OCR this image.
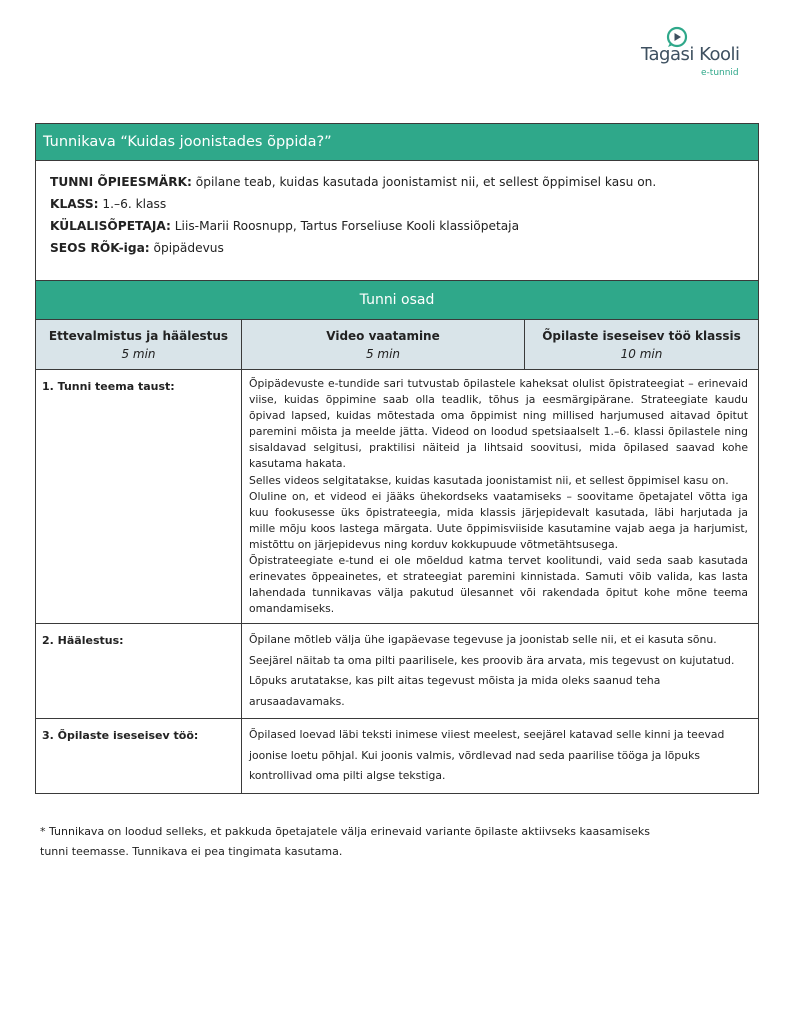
Tagasi Kooli
e-tunnid
Tunnikava “Kuidas joonistades õppida?”
TUNNI ÕPIEESMÄRK: õpilane teab, kuidas kasutada joonistamist nii, et sellest õppimisel kasu on.
KLASS: 1.–6. klass
KÜLALISÕPETAJA: Liis-Marii Roosnupp, Tartus Forseliuse Kooli klassiõpetaja
SEOS RÕK-iga: õpipädevus
Tunni osad
Ettevalmistus ja häälestus
5 min
Video vaatamine
5 min
Õpilaste iseseisev töö klassis
10 min
1. Tunni teema taust:	Õpipädevuste e-tundide sari tutvustab õpilastele kaheksat olulist õpistrateegiat – erinevaid viise, kuidas õppimine saab olla teadlik, tõhus ja eesmärgipärane. Strateegiate kaudu õpivad lapsed, kuidas mõtestada oma õppimist ning millised harjumused aitavad õpitut paremini mõista ja meelde jätta. Videod on loodud spetsiaalselt 1.–6. klassi õpilastele ning sisaldavad selgitusi, praktilisi näiteid ja lihtsaid soovitusi, mida õpilased saavad kohe kasutama hakata.

Selles videos selgitatakse, kuidas kasutada joonistamist nii, et sellest õppimisel kasu on.

Oluline on, et videod ei jääks ühekordseks vaatamiseks – soovitame õpetajatel võtta iga kuu fookusesse üks õpistrateegia, mida klassis järjepidevalt kasutada, läbi harjutada ja mille mõju koos lastega märgata. Uute õppimisviiside kasutamine vajab aega ja harjumist, mistõttu on järjepidevus ning korduv kokkupuude võtmetähtsusega.

Õpistrateegiate e-tund ei ole mõeldud katma tervet koolitundi, vaid seda saab kasutada erinevates õppeainetes, et strateegiat paremini kinnistada. Samuti võib valida, kas lasta lahendada tunnikavas välja pakutud ülesannet või rakendada õpitut kohe mõne teema omandamiseks.

2. Häälestus:	Õpilane mõtleb välja ühe igapäevase tegevuse ja joonistab selle nii, et ei kasuta sõnu. Seejärel näitab ta oma pilti paarilisele, kes proovib ära arvata, mis tegevust on kujutatud. Lõpuks arutatakse, kas pilt aitas tegevust mõista ja mida oleks saanud teha arusaadavamaks.

3. Õpilaste iseseisev töö:	Õpilased loevad läbi teksti inimese viiest meelest, seejärel katavad selle kinni ja teevad joonise loetu põhjal. Kui joonis valmis, võrdlevad nad seda paarilise tööga ja lõpuks kontrollivad oma pilti algse tekstiga.

* Tunnikava on loodud selleks, et pakkuda õpetajatele välja erinevaid variante õpilaste aktiivseks kaasamiseks
tunni teemasse. Tunnikava ei pea tingimata kasutama.
